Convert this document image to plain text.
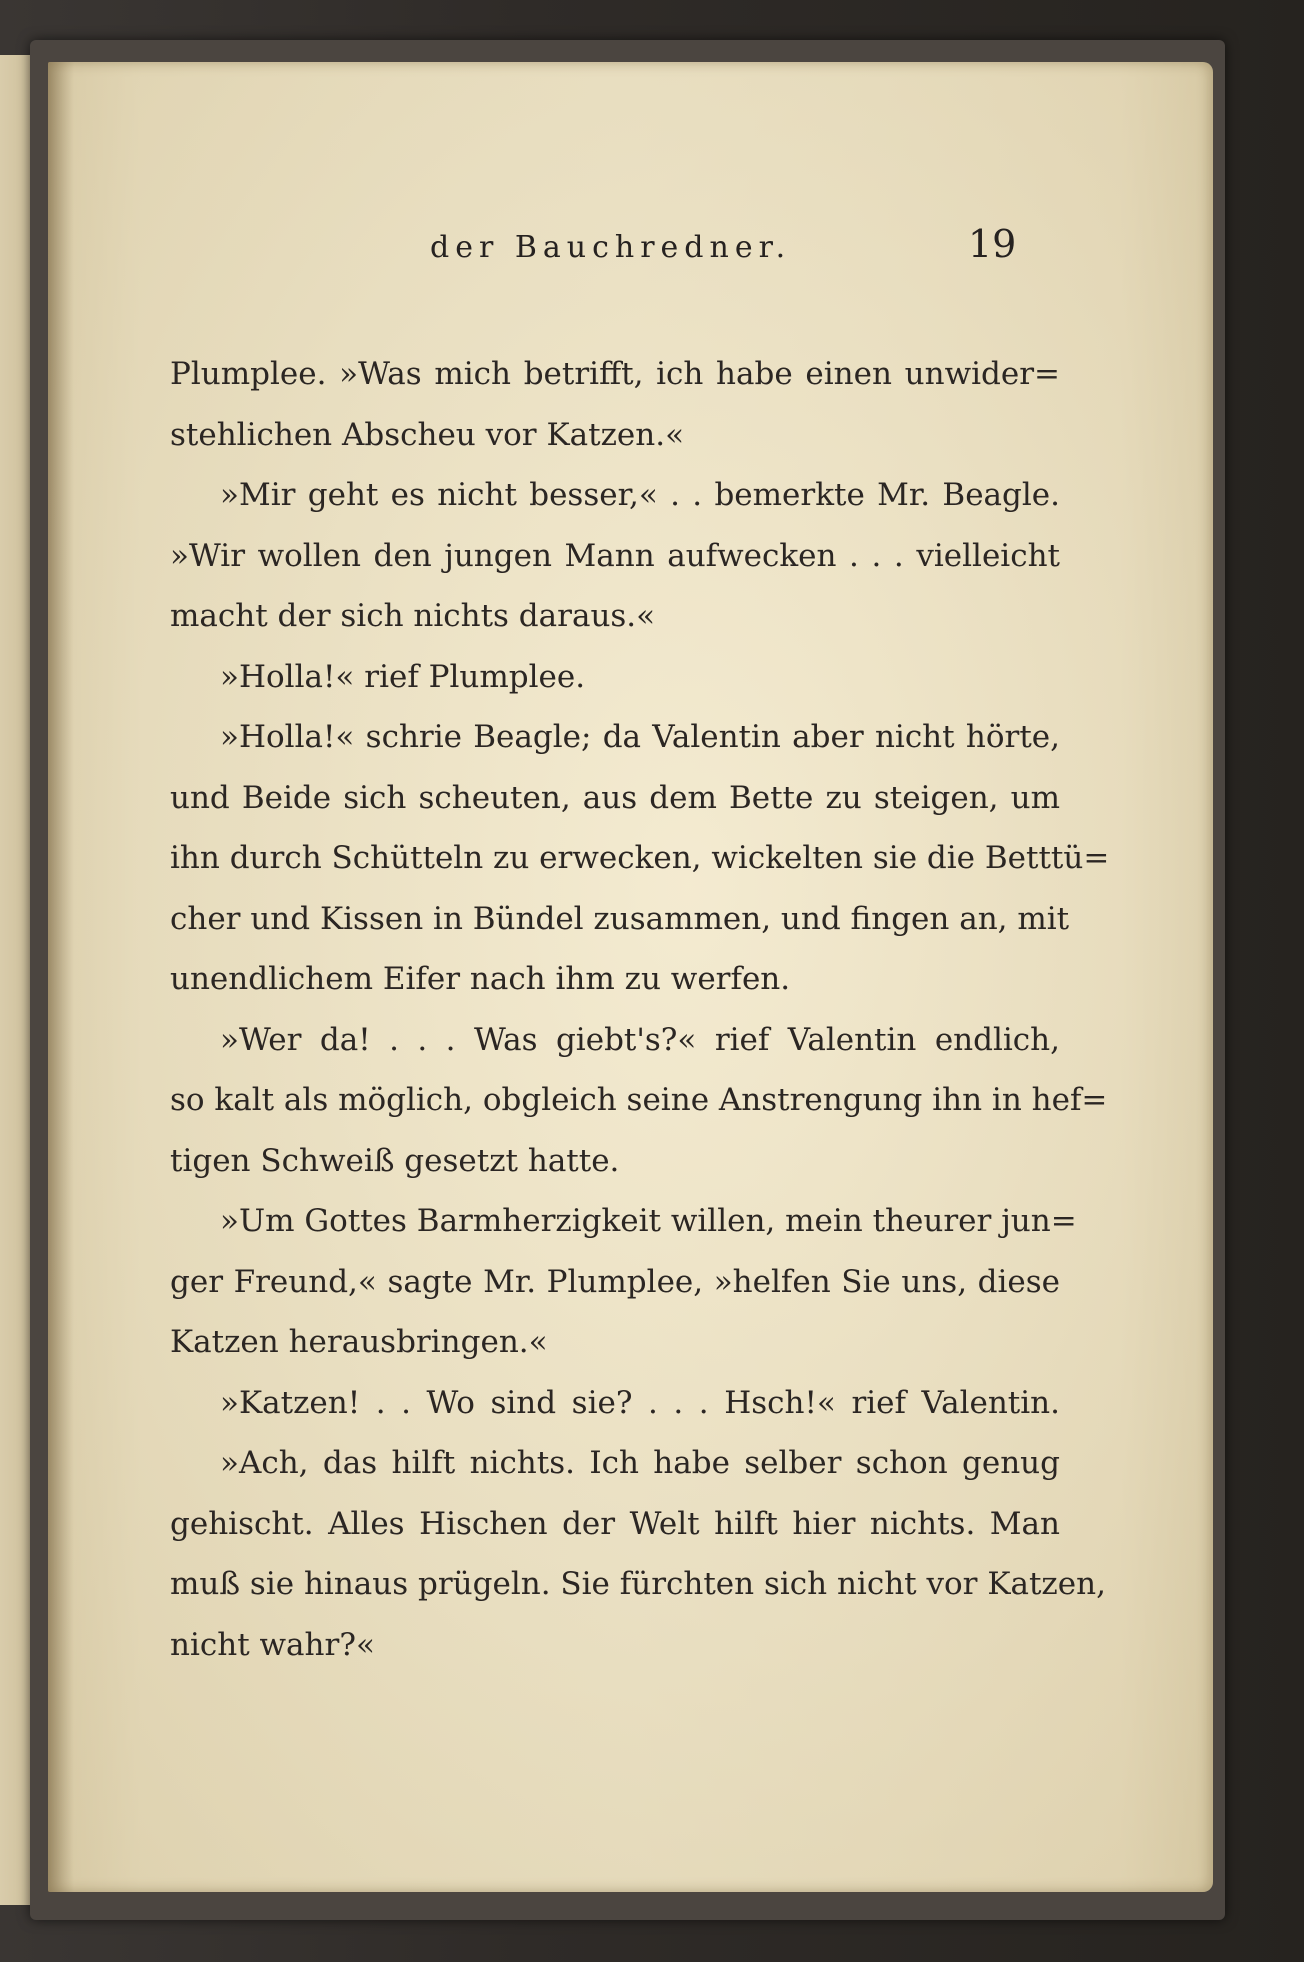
der Bauchredner.	19
Plumplee. »Was mich betrifft, ich habe einen unwider=
stehlichen Abscheu vor Katzen.«
»Mir geht es nicht besser,« . . bemerkte Mr. Beagle.
»Wir wollen den jungen Mann aufwecken . . . vielleicht
macht der sich nichts daraus.«
»Holla!« rief Plumplee.
»Holla!« schrie Beagle; da Valentin aber nicht hörte,
und Beide sich scheuten, aus dem Bette zu steigen, um
ihn durch Schütteln zu erwecken, wickelten sie die Betttü=
cher und Kissen in Bündel zusammen, und fingen an, mit
unendlichem Eifer nach ihm zu werfen.
»Wer da! . . . Was giebt's?« rief Valentin endlich,
so kalt als möglich, obgleich seine Anstrengung ihn in hef=
tigen Schweiß gesetzt hatte.
»Um Gottes Barmherzigkeit willen, mein theurer jun=
ger Freund,« sagte Mr. Plumplee, »helfen Sie uns, diese
Katzen herausbringen.«
»Katzen! . . Wo sind sie? . . . Hsch!« rief Valentin.
»Ach, das hilft nichts. Ich habe selber schon genug
gehischt. Alles Hischen der Welt hilft hier nichts. Man
muß sie hinaus prügeln. Sie fürchten sich nicht vor Katzen,
nicht wahr?«
